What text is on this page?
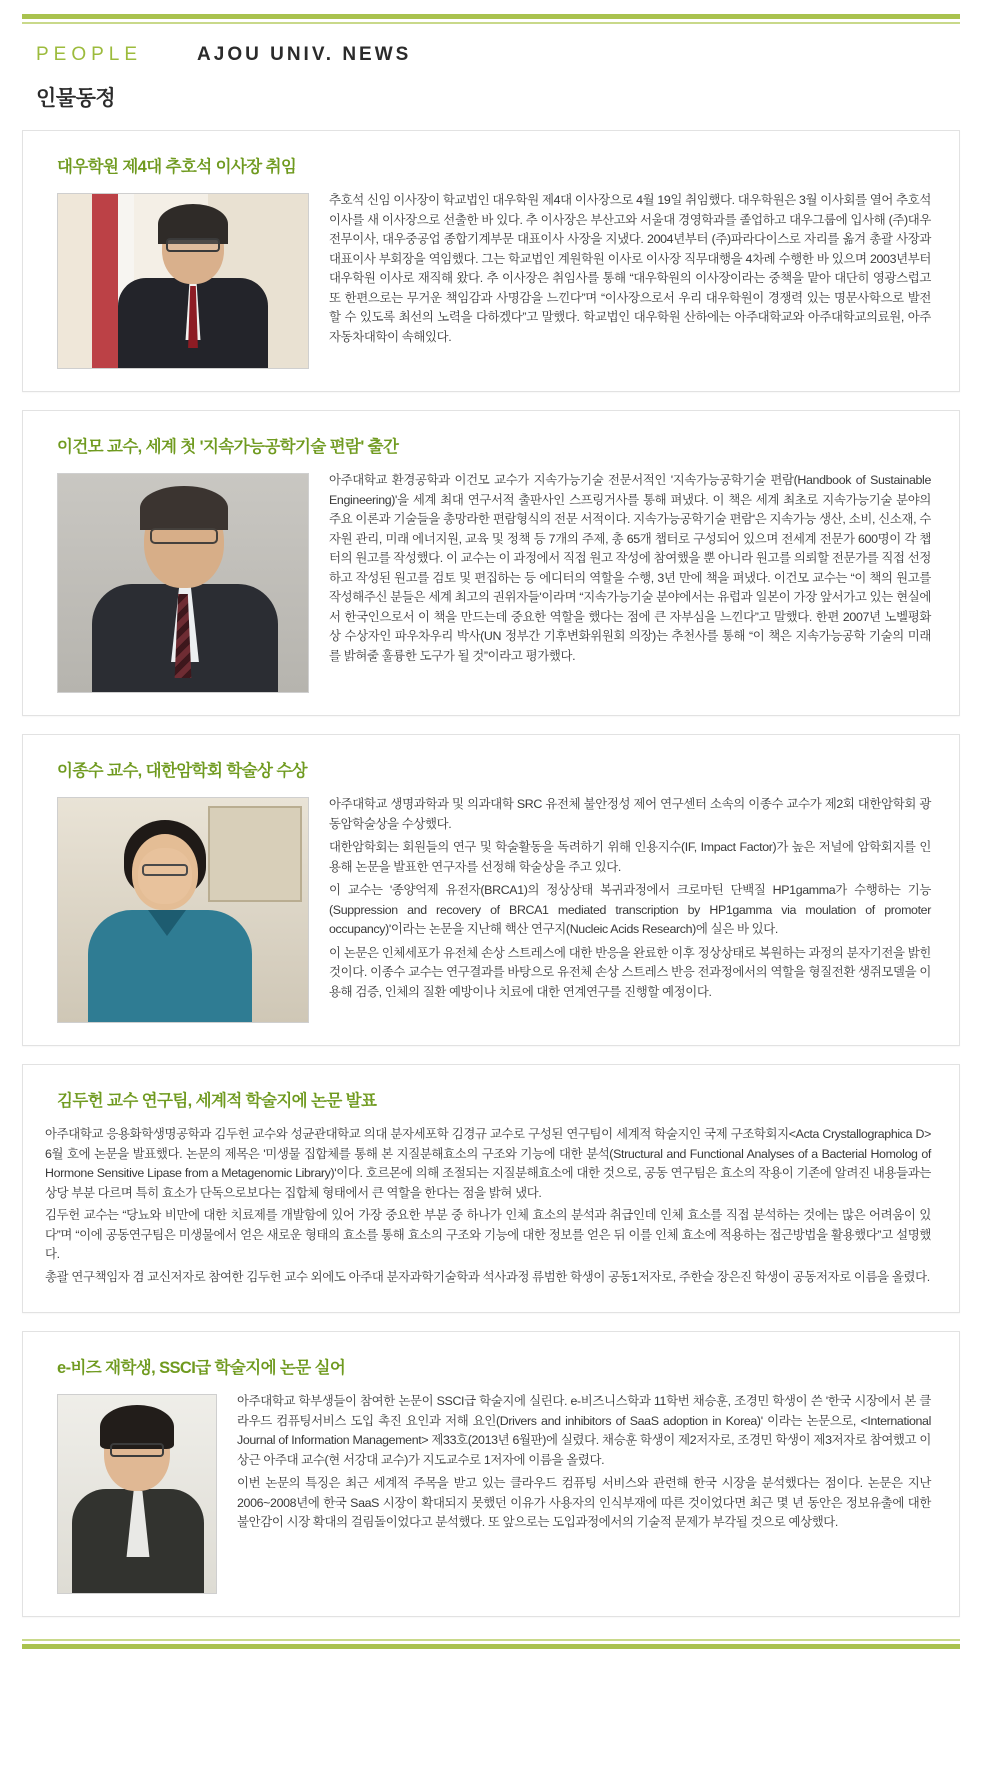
PEOPLE	AJOU UNIV. NEWS
인물동정
대우학원 제4대 추호석 이사장 취임

추호석 신임 이사장이 학교법인 대우학원 제4대 이사장으로 4월 19일 취임했다. 대우학원은 3월 이사회를 열어 추호석 이사를 새 이사장으로 선출한 바 있다. 추 이사장은 부산고와 서울대 경영학과를 졸업하고 대우그룹에 입사해 (주)대우 전무이사, 대우중공업 종합기계부문 대표이사 사장을 지냈다. 2004년부터 (주)파라다이스로 자리를 옮겨 총괄 사장과 대표이사 부회장을 역임했다. 그는 학교법인 계원학원 이사로 이사장 직무대행을 4차례 수행한 바 있으며 2003년부터 대우학원 이사로 재직해 왔다. 추 이사장은 취임사를 통해 “대우학원의 이사장이라는 중책을 맡아 대단히 영광스럽고 또 한편으로는 무거운 책임감과 사명감을 느낀다”며 “이사장으로서 우리 대우학원이 경쟁력 있는 명문사학으로 발전할 수 있도록 최선의 노력을 다하겠다”고 말했다. 학교법인 대우학원 산하에는 아주대학교와 아주대학교의료원, 아주자동차대학이 속해있다.

이건모 교수, 세계 첫 '지속가능공학기술 편람' 출간

아주대학교 환경공학과 이건모 교수가 지속가능기술 전문서적인 '지속가능공학기술 편람(Handbook of Sustainable Engineering)'을 세계 최대 연구서적 출판사인 스프링거사를 통해 펴냈다. 이 책은 세계 최초로 지속가능기술 분야의 주요 이론과 기술들을 총망라한 편람형식의 전문 서적이다. 지속가능공학기술 편람'은 지속가능 생산, 소비, 신소재, 수자원 관리, 미래 에너지원, 교육 및 정책 등 7개의 주제, 총 65개 챕터로 구성되어 있으며 전세계 전문가 600명이 각 챕터의 원고를 작성했다. 이 교수는 이 과정에서 직접 원고 작성에 참여했을 뿐 아니라 원고를 의뢰할 전문가를 직접 선정하고 작성된 원고를 검토 및 편집하는 등 에디터의 역할을 수행, 3년 만에 책을 펴냈다. 이건모 교수는 “이 책의 원고를 작성해주신 분들은 세계 최고의 권위자들'이라며 “지속가능기술 분야에서는 유럽과 일본이 가장 앞서가고 있는 현실에서 한국인으로서 이 책을 만드는데 중요한 역할을 했다는 점에 큰 자부심을 느낀다”고 말했다. 한편 2007년 노벨평화상 수상자인 파우차우리 박사(UN 정부간 기후변화위원회 의장)는 추천사를 통해 “이 책은 지속가능공학 기술의 미래를 밝혀줄 훌륭한 도구가 될 것”이라고 평가했다.

이종수 교수, 대한암학회 학술상 수상

아주대학교 생명과학과 및 의과대학 SRC 유전체 불안정성 제어 연구센터 소속의 이종수 교수가 제2회 대한암학회 광동암학술상을 수상했다.

대한암학회는 회원들의 연구 및 학술활동을 독려하기 위해 인용지수(IF, Impact Factor)가 높은 저널에 암학회지를 인용해 논문을 발표한 연구자를 선정해 학술상을 주고 있다.

이 교수는 '종양억제 유전자(BRCA1)의 정상상태 복귀과정에서 크로마틴 단백질 HP1gamma가 수행하는 기능 (Suppression and recovery of BRCA1 mediated transcription by HP1gamma via moulation of promoter occupancy)'이라는 논문을 지난해 핵산 연구지(Nucleic Acids Research)에 실은 바 있다.

이 논문은 인체세포가 유전체 손상 스트레스에 대한 반응을 완료한 이후 정상상태로 복원하는 과정의 분자기전을 밝힌 것이다. 이종수 교수는 연구결과를 바탕으로 유전체 손상 스트레스 반응 전과정에서의 역할을 형질전환 생쥐모델을 이용해 검증, 인체의 질환 예방이나 치료에 대한 연계연구를 진행할 예정이다.

김두헌 교수 연구팀, 세계적 학술지에 논문 발표

아주대학교 응용화학생명공학과 김두헌 교수와 성균관대학교 의대 분자세포학 김경규 교수로 구성된 연구팀이 세계적 학술지인 국제 구조학회지<Acta Crystallographica D> 6월 호에 논문을 발표했다. 논문의 제목은 '미생물 집합체를 통해 본 지질분해효소의 구조와 기능에 대한 분석(Structural and Functional Analyses of a Bacterial Homolog of Hormone Sensitive Lipase from a Metagenomic Library)'이다. 호르몬에 의해 조절되는 지질분해효소에 대한 것으로, 공동 연구팀은 효소의 작용이 기존에 알려진 내용들과는 상당 부분 다르며 특히 효소가 단독으로보다는 집합체 형태에서 큰 역할을 한다는 점을 밝혀 냈다.

김두헌 교수는 “당뇨와 비만에 대한 치료제를 개발함에 있어 가장 중요한 부분 중 하나가 인체 효소의 분석과 취급인데 인체 효소를 직접 분석하는 것에는 많은 어려움이 있다”며 “이에 공동연구팀은 미생물에서 얻은 새로운 형태의 효소를 통해 효소의 구조와 기능에 대한 정보를 얻은 뒤 이를 인체 효소에 적용하는 접근방법을 활용했다”고 설명했다.

총괄 연구책임자 겸 교신저자로 참여한 김두헌 교수 외에도 아주대 분자과학기술학과 석사과정 류범한 학생이 공동1저자로, 주한슬 장은진 학생이 공동저자로 이름을 올렸다.

e-비즈 재학생, SSCI급 학술지에 논문 실어

아주대학교 학부생들이 참여한 논문이 SSCI급 학술지에 실린다. e-비즈니스학과 11학번 채승훈, 조경민 학생이 쓴 '한국 시장에서 본 클라우드 컴퓨팅서비스 도입 촉진 요인과 저해 요인(Drivers and inhibitors of SaaS adoption in Korea)' 이라는 논문으로, <International Journal of Information Management> 제33호(2013년 6월판)에 실렸다. 채승훈 학생이 제2저자로, 조경민 학생이 제3저자로 참여했고 이상근 아주대 교수(현 서강대 교수)가 지도교수로 1저자에 이름을 올렸다.

이번 논문의 특징은 최근 세계적 주목을 받고 있는 클라우드 컴퓨팅 서비스와 관련해 한국 시장을 분석했다는 점이다. 논문은 지난 2006~2008년에 한국 SaaS 시장이 확대되지 못했던 이유가 사용자의 인식부재에 따른 것이었다면 최근 몇 년 동안은 정보유출에 대한 불안감이 시장 확대의 걸림돌이었다고 분석했다. 또 앞으로는 도입과정에서의 기술적 문제가 부각될 것으로 예상했다.
